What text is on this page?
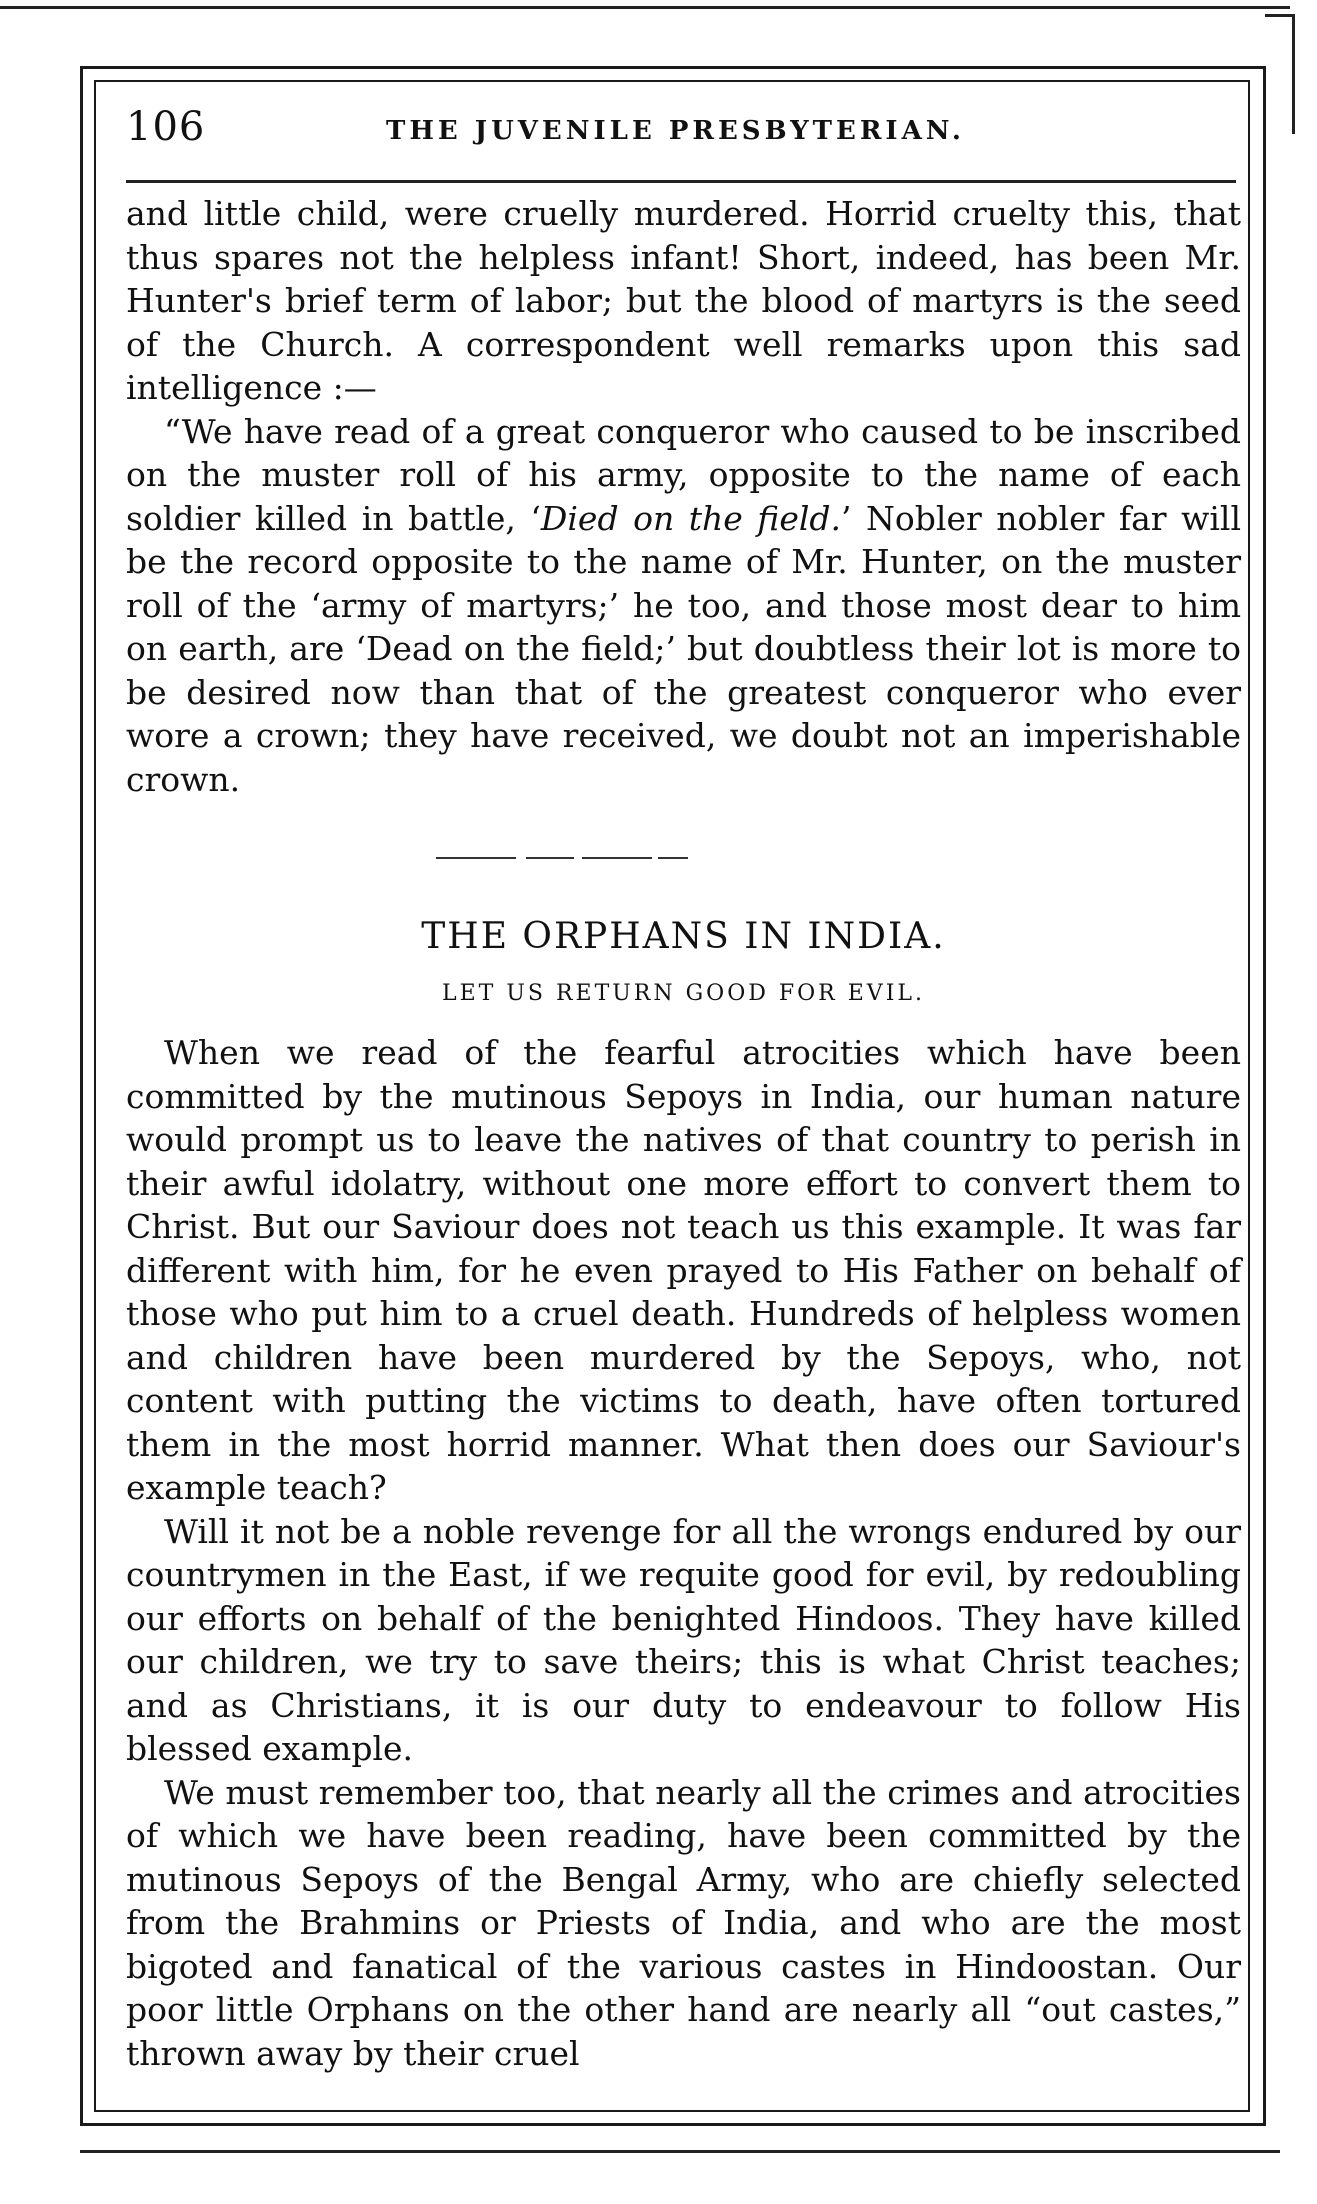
106	THE JUVENILE PRESBYTERIAN.

and little child, were cruelly murdered. Horrid cruelty this, that thus spares not the helpless infant! Short, indeed, has been Mr. Hunter's brief term of labor; but the blood of martyrs is the seed of the Church. A correspondent well remarks upon this sad intelligence :—

“We have read of a great conqueror who caused to be inscribed on the muster roll of his army, opposite to the name of each soldier killed in battle, ‘Died on the field.’ Nobler nobler far will be the record opposite to the name of Mr. Hunter, on the muster roll of the ‘army of martyrs;’ he too, and those most dear to him on earth, are ‘Dead on the field;’ but doubtless their lot is more to be desired now than that of the greatest conqueror who ever wore a crown; they have received, we doubt not an imperishable crown.

THE ORPHANS IN INDIA.
LET US RETURN GOOD FOR EVIL.

When we read of the fearful atrocities which have been committed by the mutinous Sepoys in India, our human nature would prompt us to leave the natives of that country to perish in their awful idolatry, without one more effort to convert them to Christ. But our Saviour does not teach us this example. It was far different with him, for he even prayed to His Father on behalf of those who put him to a cruel death. Hundreds of helpless women and children have been murdered by the Sepoys, who, not content with putting the victims to death, have often tortured them in the most horrid manner. What then does our Saviour's example teach?

Will it not be a noble revenge for all the wrongs endured by our countrymen in the East, if we requite good for evil, by redoubling our efforts on behalf of the benighted Hindoos. They have killed our children, we try to save theirs; this is what Christ teaches; and as Christians, it is our duty to endeavour to follow His blessed example.

We must remember too, that nearly all the crimes and atrocities of which we have been reading, have been committed by the mutinous Sepoys of the Bengal Army, who are chiefly selected from the Brahmins or Priests of India, and who are the most bigoted and fanatical of the various castes in Hindoostan. Our poor little Orphans on the other hand are nearly all “out castes,” thrown away by their cruel
